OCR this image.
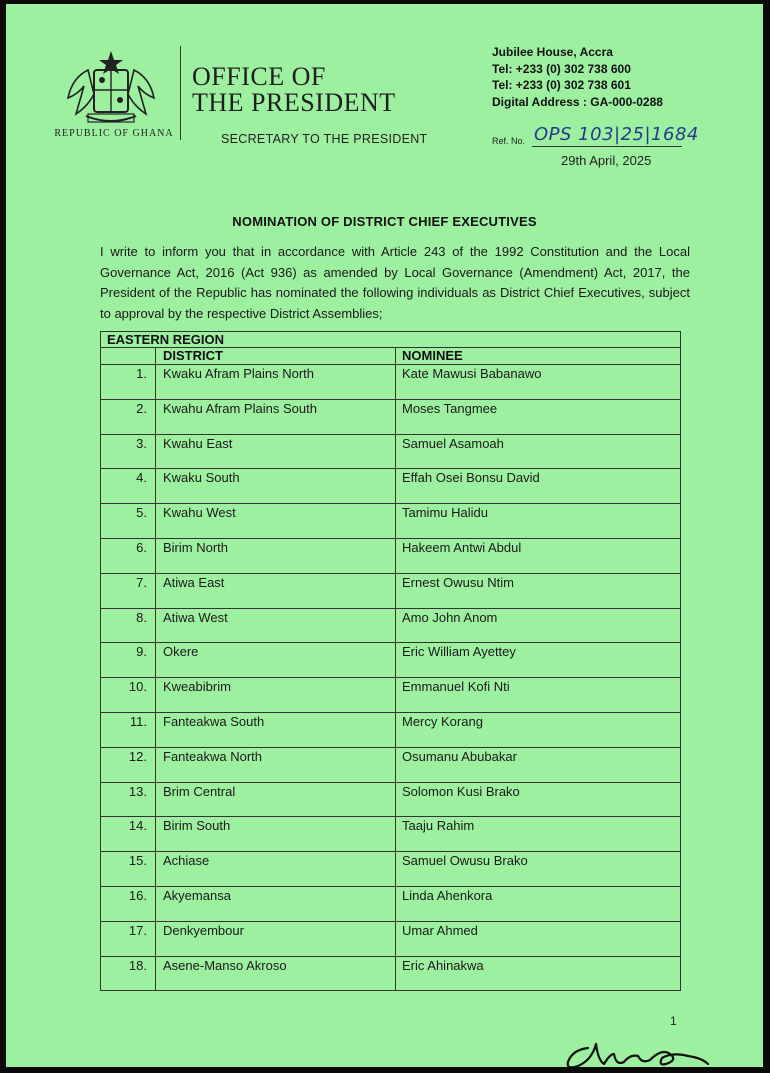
REPUBLIC OF GHANA
OFFICE OF
THE PRESIDENT
SECRETARY TO THE PRESIDENT
Jubilee House, Accra
Tel: +233 (0) 302 738 600
Tel: +233 (0) 302 738 601
Digital Address : GA-000-0288
Ref. No. OPS 103|25|1684
29th April, 2025
NOMINATION OF DISTRICT CHIEF EXECUTIVES
I write to inform you that in accordance with Article 243 of the 1992 Constitution and the Local Governance Act, 2016 (Act 936) as amended by Local Governance (Amendment) Act, 2017, the President of the Republic has nominated the following individuals as District Chief Executives, subject to approval by the respective District Assemblies;
EASTERN REGION		
	DISTRICT	NOMINEE
1.	Kwaku Afram Plains North	Kate Mawusi Babanawo
2.	Kwahu Afram Plains South	Moses Tangmee
3.	Kwahu East	Samuel Asamoah
4.	Kwaku South	Effah Osei Bonsu David
5.	Kwahu West	Tamimu Halidu
6.	Birim North	Hakeem Antwi Abdul
7.	Atiwa East	Ernest Owusu Ntim
8.	Atiwa West	Amo John Anom
9.	Okere	Eric William Ayettey
10.	Kweabibrim	Emmanuel Kofi Nti
11.	Fanteakwa South	Mercy Korang
12.	Fanteakwa North	Osumanu Abubakar
13.	Brim Central	Solomon Kusi Brako
14.	Birim South	Taaju Rahim
15.	Achiase	Samuel Owusu Brako
16.	Akyemansa	Linda Ahenkora
17.	Denkyembour	Umar Ahmed
18.	Asene-Manso Akroso	Eric Ahinakwa
1
